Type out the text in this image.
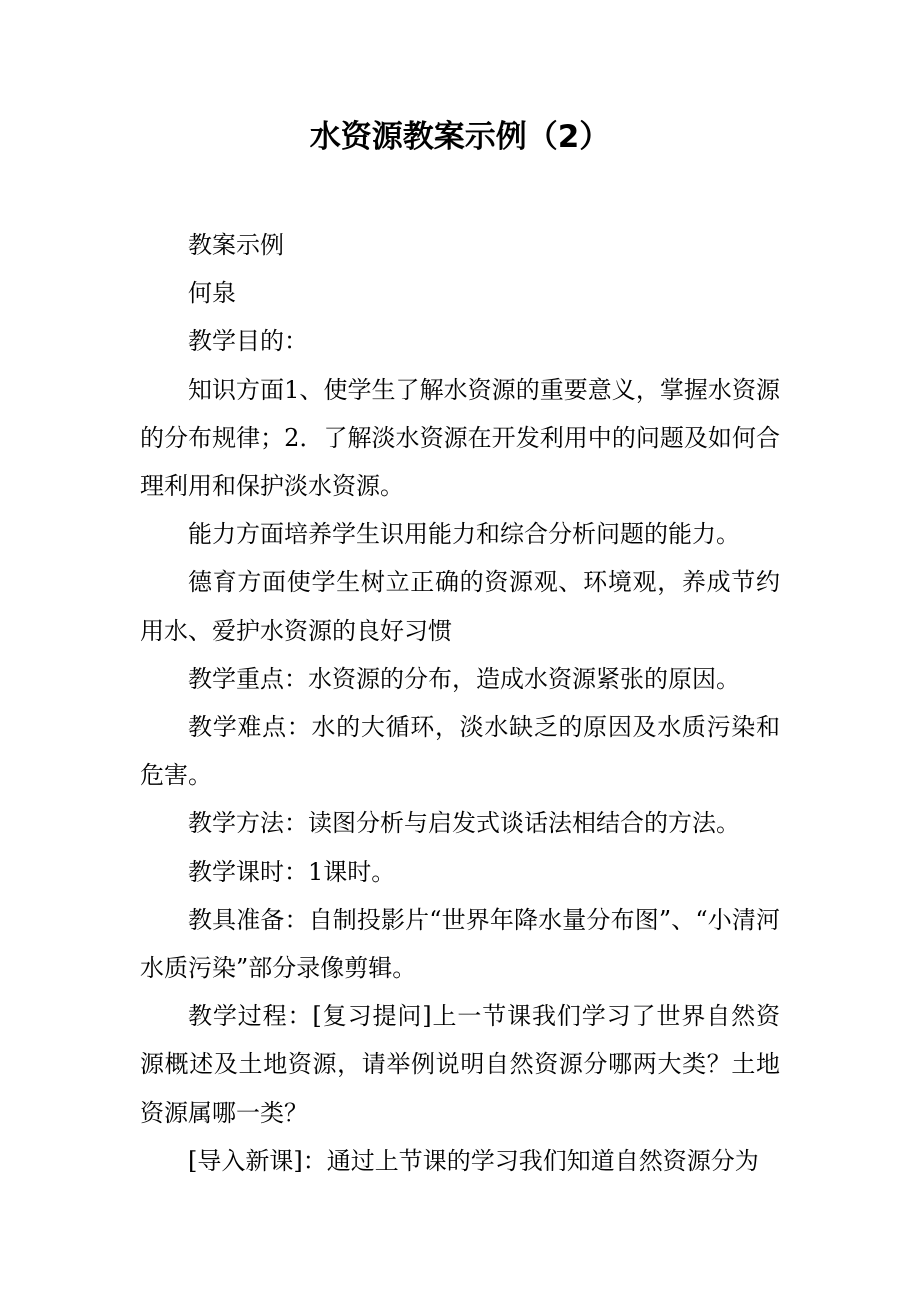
水资源教案示例（2）

教案示例

何泉

教学目的：

知识方面1、使学生了解水资源的重要意义，掌握水资源的分布规律；2．了解淡水资源在开发利用中的问题及如何合理利用和保护淡水资源。

能力方面培养学生识用能力和综合分析问题的能力。

德育方面使学生树立正确的资源观、环境观，养成节约用水、爱护水资源的良好习惯

教学重点：水资源的分布，造成水资源紧张的原因。

教学难点：水的大循环，淡水缺乏的原因及水质污染和危害。

教学方法：读图分析与启发式谈话法相结合的方法。

教学课时：1课时。

教具准备：自制投影片“世界年降水量分布图”、“小清河水质污染”部分录像剪辑。

教学过程：[复习提问]上一节课我们学习了世界自然资源概述及土地资源，请举例说明自然资源分哪两大类？土地资源属哪一类？

[导入新课]：通过上节课的学习我们知道自然资源分为
